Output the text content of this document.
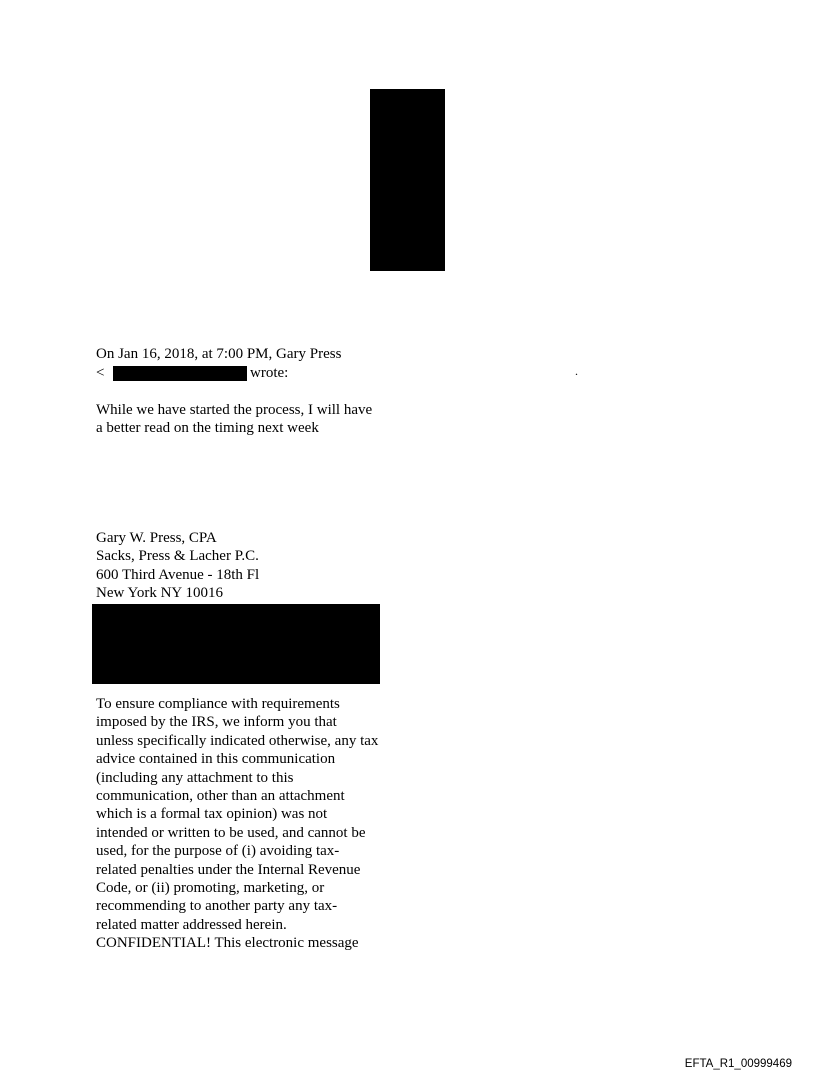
On Jan 16, 2018, at 7:00 PM, Gary Press
<	wrote:	.
While we have started the process, I will have
a better read on the timing next week
Gary W. Press, CPA
Sacks, Press & Lacher P.C.
600 Third Avenue - 18th Fl
New York NY 10016
To ensure compliance with requirements
imposed by the IRS, we inform you that
unless specifically indicated otherwise, any tax
advice contained in this communication
(including any attachment to this
communication, other than an attachment
which is a formal tax opinion) was not
intended or written to be used, and cannot be
used, for the purpose of (i) avoiding tax-
related penalties under the Internal Revenue
Code, or (ii) promoting, marketing, or
recommending to another party any tax-
related matter addressed herein.
CONFIDENTIAL! This electronic message
EFTA_R1_00999469
